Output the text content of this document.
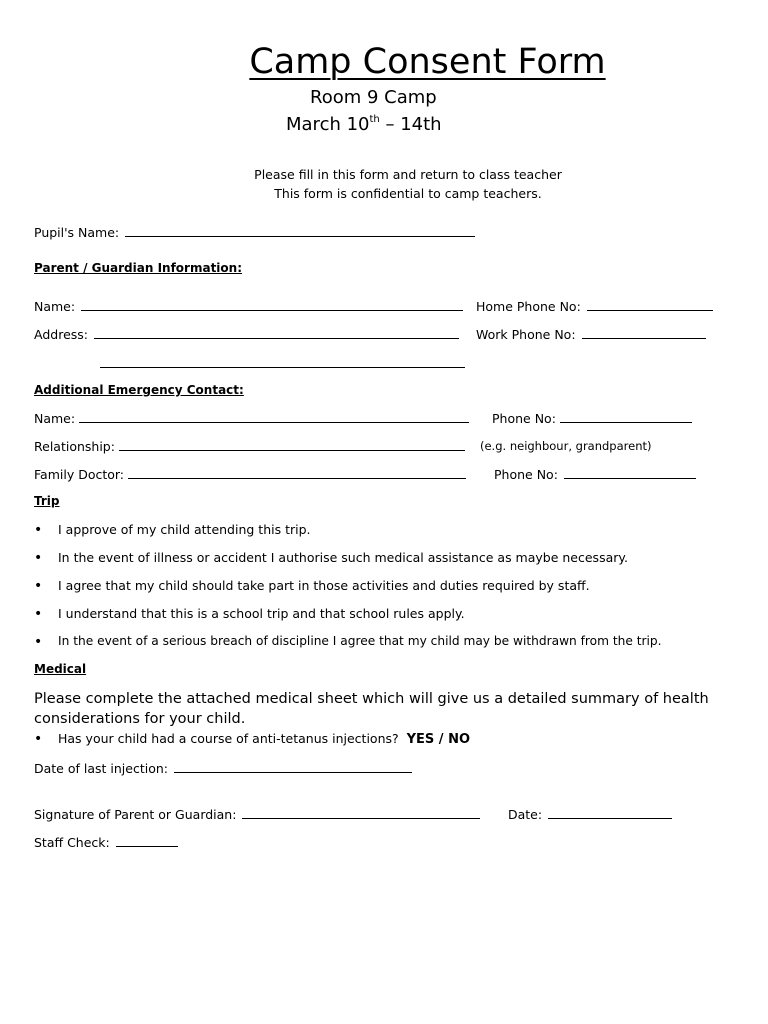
Camp Consent Form
Room 9 Camp
March 10th – 14th
Please fill in this form and return to class teacher
This form is confidential to camp teachers.
Pupil's Name:
Parent / Guardian Information:
Name:	Home Phone No:
Address:	Work Phone No:
Additional Emergency Contact:
Name:	Phone No:
Relationship:	(e.g. neighbour, grandparent)
Family Doctor:	Phone No:
Trip
• I approve of my child attending this trip.
• In the event of illness or accident I authorise such medical assistance as maybe necessary.
• I agree that my child should take part in those activities and duties required by staff.
• I understand that this is a school trip and that school rules apply.
• In the event of a serious breach of discipline I agree that my child may be withdrawn from the trip.
Medical
Please complete the attached medical sheet which will give us a detailed summary of health considerations for your child.
• Has your child had a course of anti-tetanus injections? YES / NO
Date of last injection:
Signature of Parent or Guardian:	Date:
Staff Check:
